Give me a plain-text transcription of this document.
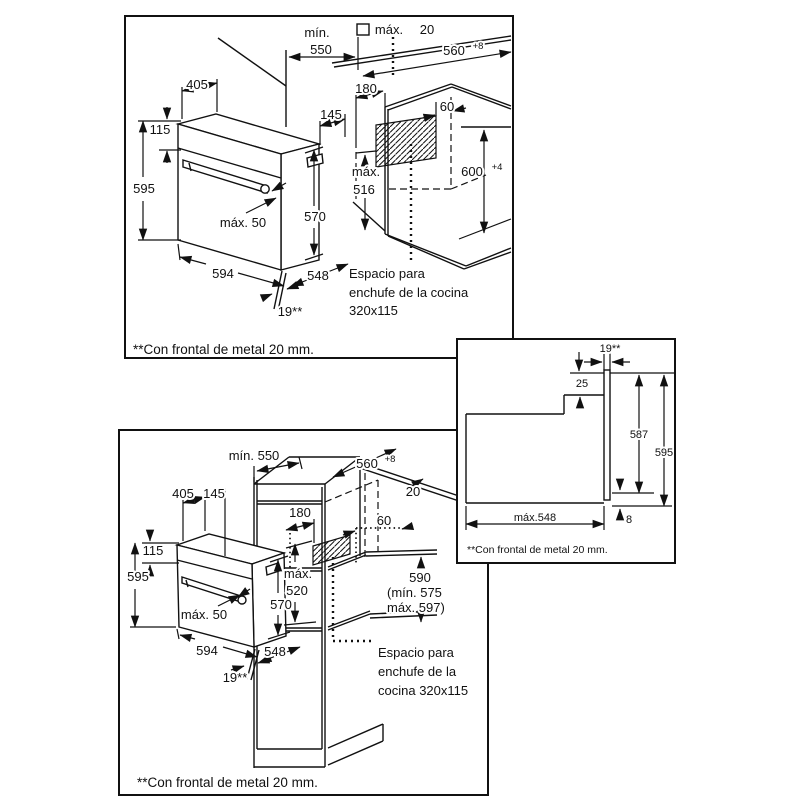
mín.
550
máx. 20
560 +8
405	180
145
60
115
595
máx.
516
570
máx. 50
594	548
19**
600 +4
Espacio para
enchufe de la cocina
320x115
**Con frontal de metal 20 mm.	19**
25
587
595
máx.548	8
**Con frontal de metal 20 mm.
mín. 550
560 +8
20
405 145
180
60
115
595	máx.
520
570
máx. 50
594	548
19**
590
(mín. 575
máx. 597)
Espacio para
enchufe de la
cocina 320x115
**Con frontal de metal 20 mm.
